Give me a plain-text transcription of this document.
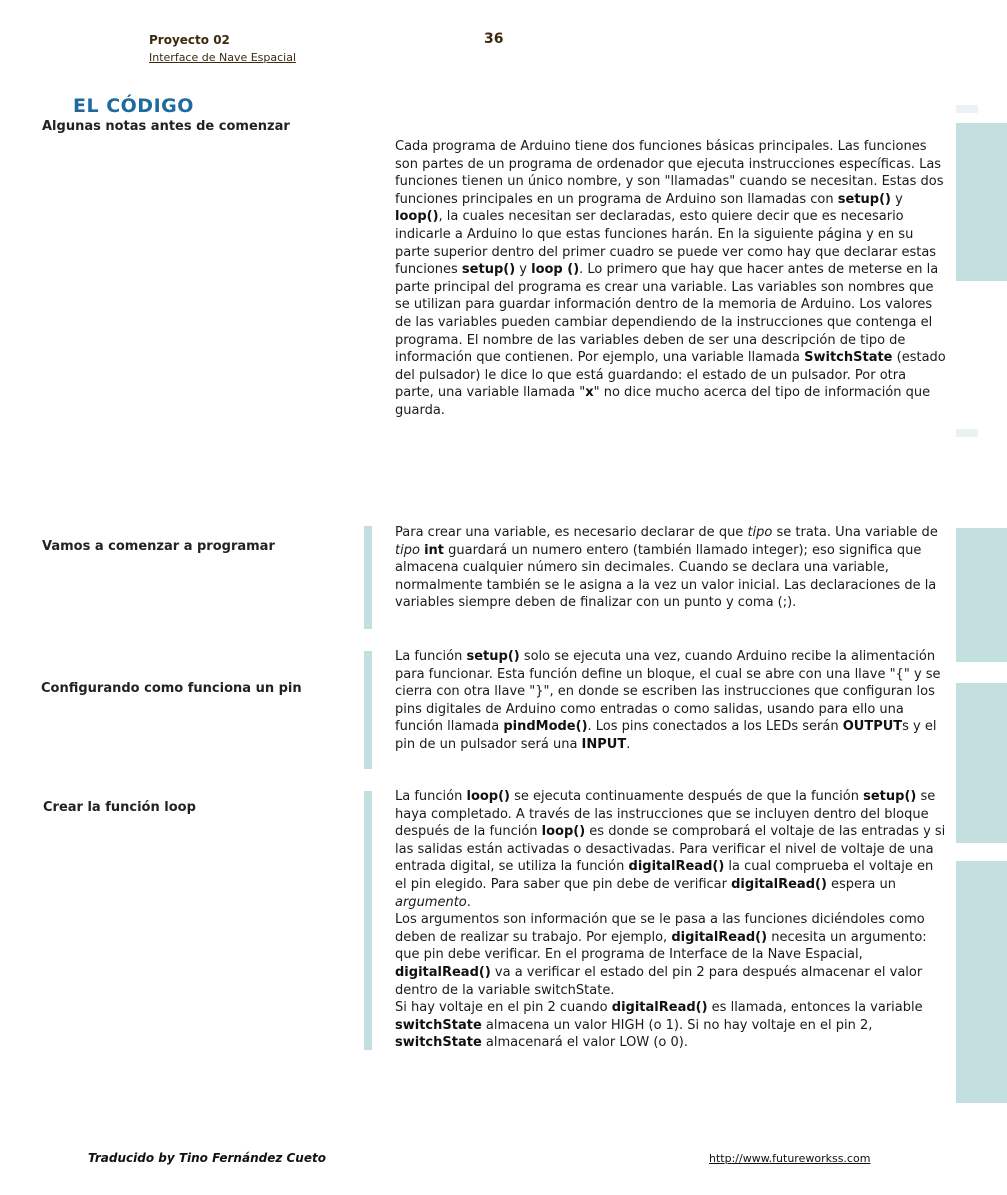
Proyecto 02
Interface de Nave Espacial
36
EL CÓDIGO
Algunas notas antes de comenzar

Cada programa de Arduino tiene dos funciones básicas principales. Las funciones son partes de un programa de ordenador que ejecuta instrucciones específicas. Las funciones tienen un único nombre, y son "llamadas" cuando se necesitan. Estas dos funciones principales en un programa de Arduino son llamadas con setup() y loop(), la cuales necesitan ser declaradas, esto quiere decir que es necesario indicarle a Arduino lo que estas funciones harán. En la siguiente página y en su parte superior dentro del primer cuadro se puede ver como hay que declarar estas funciones setup() y loop (). Lo primero que hay que hacer antes de meterse en la parte principal del programa es crear una variable. Las variables son nombres que se utilizan para guardar información dentro de la memoria de Arduino. Los valores de las variables pueden cambiar dependiendo de la instrucciones que contenga el programa. El nombre de las variables deben de ser una descripción de tipo de información que contienen. Por ejemplo, una variable llamada SwitchState (estado del pulsador) le dice lo que está guardando: el estado de un pulsador. Por otra parte, una variable llamada "x" no dice mucho acerca del tipo de información que guarda.

Vamos a comenzar a programar

Para crear una variable, es necesario declarar de que tipo se trata. Una variable de tipo int guardará un numero entero (también llamado integer); eso significa que almacena cualquier número sin decimales. Cuando se declara una variable, normalmente también se le asigna a la vez un valor inicial. Las declaraciones de la variables siempre deben de finalizar con un punto y coma (;).

Configurando como funciona un pin

La función setup() solo se ejecuta una vez, cuando Arduino recibe la alimentación para funcionar. Esta función define un bloque, el cual se abre con una llave "{" y se cierra con otra llave "}", en donde se escriben las instrucciones que configuran los pins digitales de Arduino como entradas o como salidas, usando para ello una función llamada pindMode(). Los pins conectados a los LEDs serán OUTPUTs y el pin de un pulsador será una INPUT.

Crear la función loop

La función loop() se ejecuta continuamente después de que la función setup() se haya completado. A través de las instrucciones que se incluyen dentro del bloque después de la función loop() es donde se comprobará el voltaje de las entradas y si las salidas están activadas o desactivadas. Para verificar el nivel de voltaje de una entrada digital, se utiliza la función digitalRead() la cual comprueba el voltaje en el pin elegido. Para saber que pin debe de verificar digitalRead() espera un argumento.
Los argumentos son información que se le pasa a las funciones diciéndoles como deben de realizar su trabajo. Por ejemplo, digitalRead() necesita un argumento: que pin debe verificar. En el programa de Interface de la Nave Espacial, digitalRead() va a verificar el estado del pin 2 para después almacenar el valor dentro de la variable switchState.
Si hay voltaje en el pin 2 cuando digitalRead() es llamada, entonces la variable switchState almacena un valor HIGH (o 1). Si no hay voltaje en el pin 2, switchState almacenará el valor LOW (o 0).

Traducido by Tino Fernández Cueto	http://www.futureworkss.com
